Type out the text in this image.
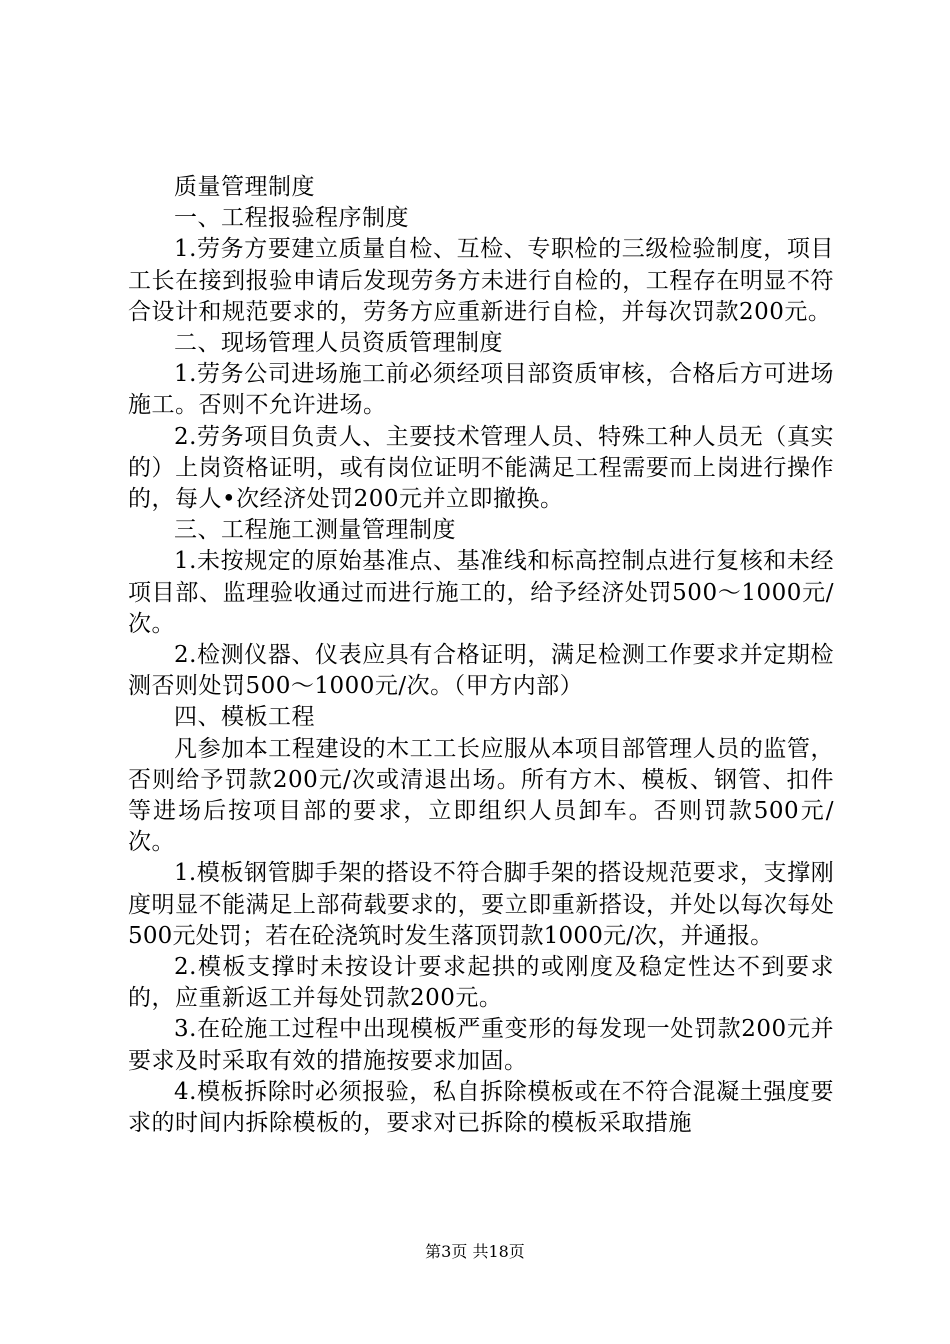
质量管理制度

一、工程报验程序制度

1.劳务方要建立质量自检、互检、专职检的三级检验制度，项目工长在接到报验申请后发现劳务方未进行自检的，工程存在明显不符合设计和规范要求的，劳务方应重新进行自检，并每次罚款200元。

二、现场管理人员资质管理制度

1.劳务公司进场施工前必须经项目部资质审核，合格后方可进场施工。否则不允许进场。

2.劳务项目负责人、主要技术管理人员、特殊工种人员无（真实的）上岗资格证明，或有岗位证明不能满足工程需要而上岗进行操作的，每人•次经济处罚200元并立即撤换。

三、工程施工测量管理制度

1.未按规定的原始基准点、基准线和标高控制点进行复核和未经项目部、监理验收通过而进行施工的，给予经济处罚500～1000元/次。

2.检测仪器、仪表应具有合格证明，满足检测工作要求并定期检测否则处罚500～1000元/次。（甲方内部）

四、模板工程

凡参加本工程建设的木工工长应服从本项目部管理人员的监管，否则给予罚款200元/次或清退出场。所有方木、模板、钢管、扣件等进场后按项目部的要求，立即组织人员卸车。否则罚款500元/次。

1.模板钢管脚手架的搭设不符合脚手架的搭设规范要求，支撑刚度明显不能满足上部荷载要求的，要立即重新搭设，并处以每次每处500元处罚；若在砼浇筑时发生落顶罚款1000元/次，并通报。

2.模板支撑时未按设计要求起拱的或刚度及稳定性达不到要求的，应重新返工并每处罚款200元。

3.在砼施工过程中出现模板严重变形的每发现一处罚款200元并要求及时采取有效的措施按要求加固。

4.模板拆除时必须报验，私自拆除模板或在不符合混凝土强度要求的时间内拆除模板的，要求对已拆除的模板采取措施

第3页 共18页
